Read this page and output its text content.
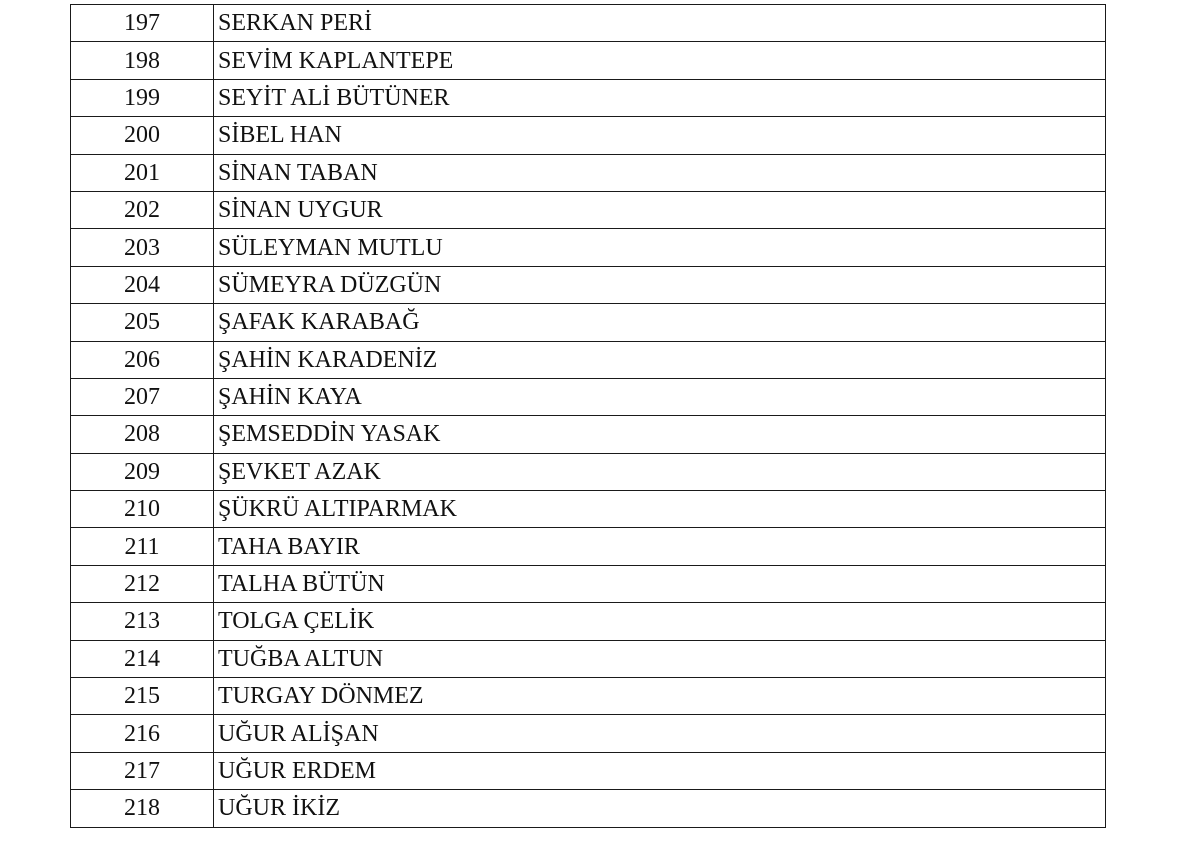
197	SERKAN PERİ
198	SEVİM KAPLANTEPE
199	SEYİT ALİ BÜTÜNER
200	SİBEL HAN
201	SİNAN TABAN
202	SİNAN UYGUR
203	SÜLEYMAN MUTLU
204	SÜMEYRA DÜZGÜN
205	ŞAFAK KARABAĞ
206	ŞAHİN KARADENİZ
207	ŞAHİN KAYA
208	ŞEMSEDDİN YASAK
209	ŞEVKET AZAK
210	ŞÜKRÜ ALTIPARMAK
211	TAHA BAYIR
212	TALHA BÜTÜN
213	TOLGA ÇELİK
214	TUĞBA ALTUN
215	TURGAY DÖNMEZ
216	UĞUR ALİŞAN
217	UĞUR ERDEM
218	UĞUR İKİZ
